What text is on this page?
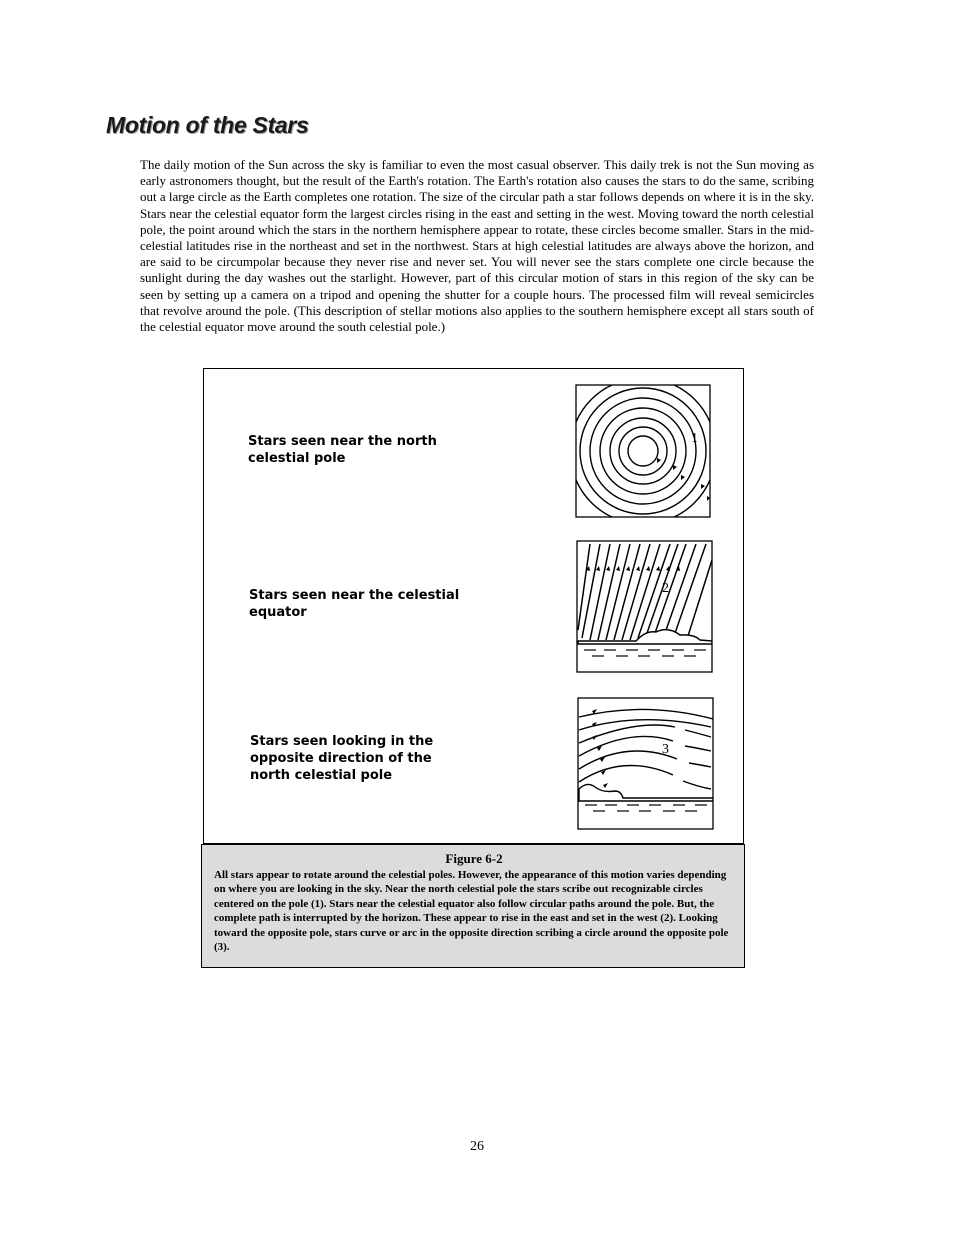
Motion of the Stars

The daily motion of the Sun across the sky is familiar to even the most casual observer. This daily trek is not the Sun moving as early astronomers thought, but the result of the Earth's rotation. The Earth's rotation also causes the stars to do the same, scribing out a large circle as the Earth completes one rotation. The size of the circular path a star follows depends on where it is in the sky. Stars near the celestial equator form the largest circles rising in the east and setting in the west. Moving toward the north celestial pole, the point around which the stars in the northern hemisphere appear to rotate, these circles become smaller. Stars in the mid-celestial latitudes rise in the northeast and set in the northwest. Stars at high celestial latitudes are always above the horizon, and are said to be circumpolar because they never rise and never set. You will never see the stars complete one circle because the sunlight during the day washes out the starlight. However, part of this circular motion of stars in this region of the sky can be seen by setting up a camera on a tripod and opening the shutter for a couple hours. The processed film will reveal semicircles that revolve around the pole. (This description of stellar motions also applies to the southern hemisphere except all stars south of the celestial equator move around the south celestial pole.)

Stars seen near the north celestial pole

Stars seen near the celestial equator

Stars seen looking in the opposite direction of the north celestial pole

1
2
3

Figure 6-2

All stars appear to rotate around the celestial poles. However, the appearance of this motion varies depending on where you are looking in the sky. Near the north celestial pole the stars scribe out recognizable circles centered on the pole (1). Stars near the celestial equator also follow circular paths around the pole. But, the complete path is interrupted by the horizon. These appear to rise in the east and set in the west (2). Looking toward the opposite pole, stars curve or arc in the opposite direction scribing a circle around the opposite pole (3).

26
